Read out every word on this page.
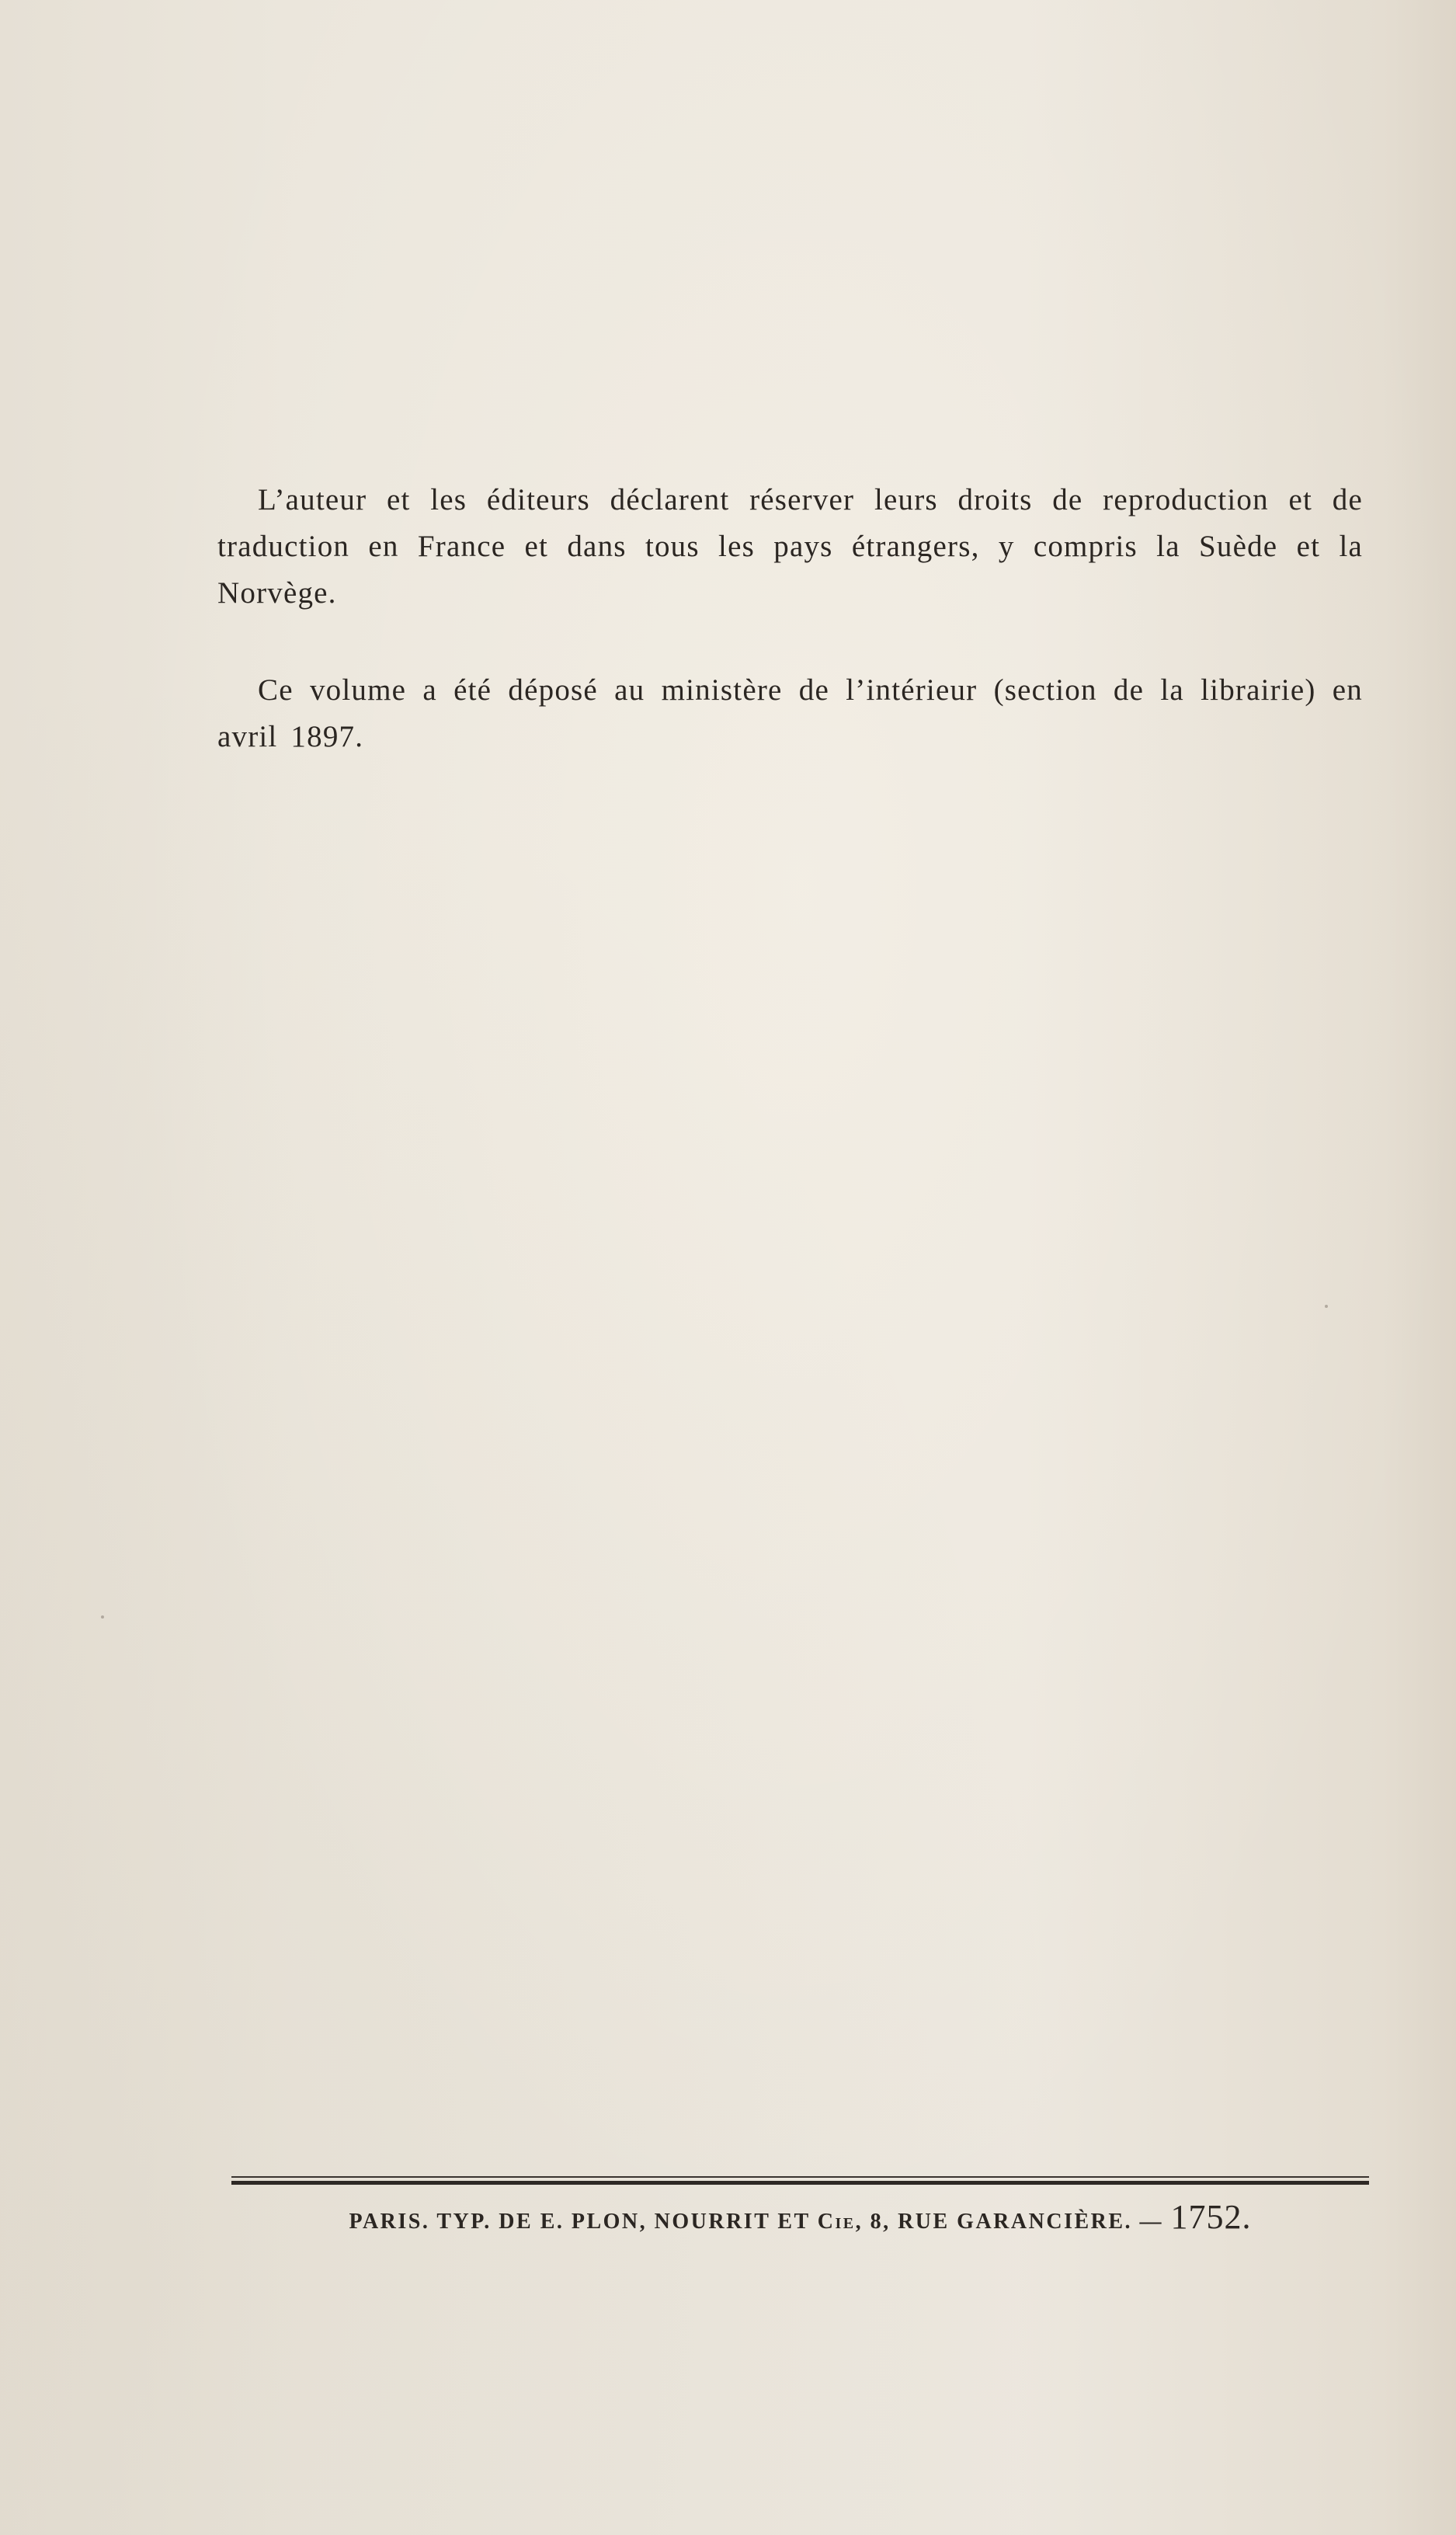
L’auteur et les éditeurs déclarent réserver leurs droits de reproduction et de traduction en France et dans tous les pays étrangers, y compris la Suède et la Norvège.

Ce volume a été déposé au ministère de l’intérieur (section de la librairie) en avril 1897.

PARIS. TYP. DE E. PLON, NOURRIT ET Cie, 8, RUE GARANCIÈRE. — 1752.
